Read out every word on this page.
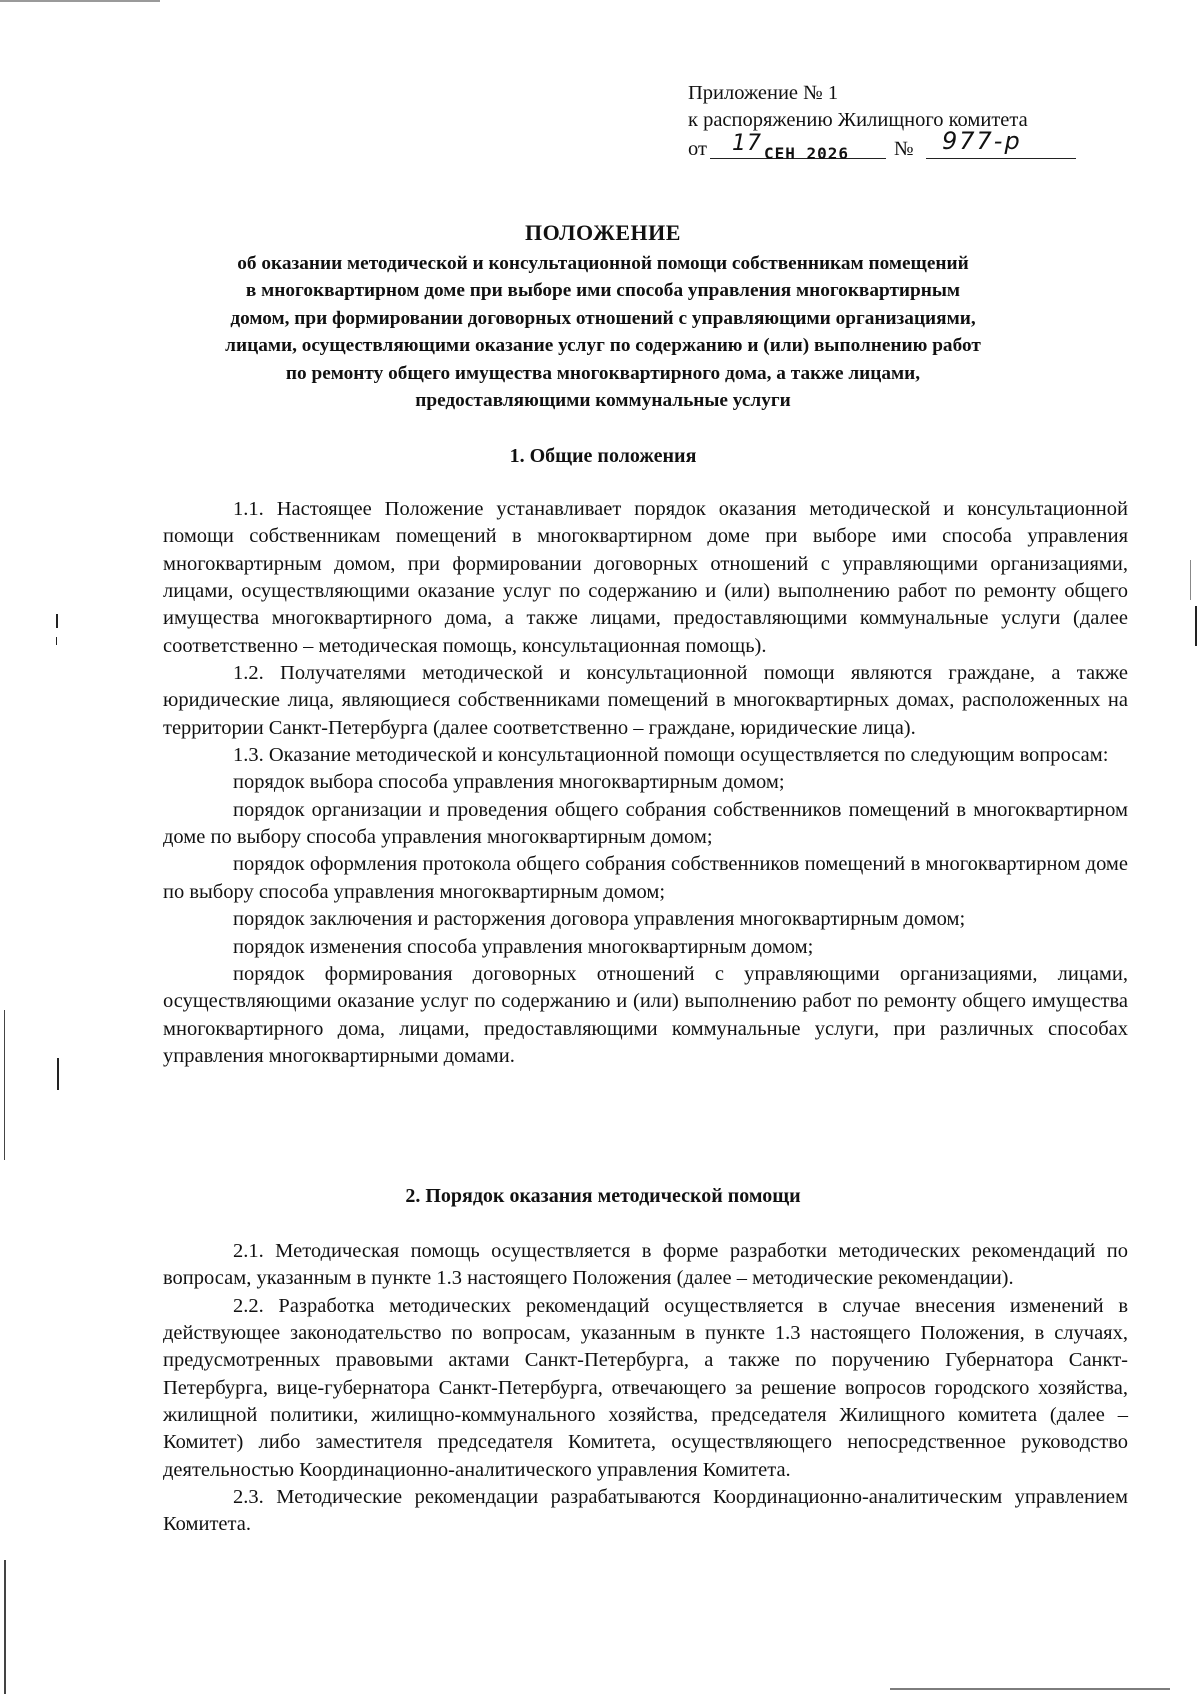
Приложение № 1
к распоряжению Жилищного комитета
от 17 СЕН 2026 № 977-р
ПОЛОЖЕНИЕ
об оказании методической и консультационной помощи собственникам помещений
в многоквартирном доме при выборе ими способа управления многоквартирным
домом, при формировании договорных отношений с управляющими организациями,
лицами, осуществляющими оказание услуг по содержанию и (или) выполнению работ
по ремонту общего имущества многоквартирного дома, а также лицами,
предоставляющими коммунальные услуги
1. Общие положения

1.1. Настоящее Положение устанавливает порядок оказания методической и консультационной помощи собственникам помещений в многоквартирном доме при выборе ими способа управления многоквартирным домом, при формировании договорных отношений с управляющими организациями, лицами, осуществляющими оказание услуг по содержанию и (или) выполнению работ по ремонту общего имущества многоквартирного дома, а также лицами, предоставляющими коммунальные услуги (далее соответственно – методическая помощь, консультационная помощь).

1.2. Получателями методической и консультационной помощи являются граждане, а также юридические лица, являющиеся собственниками помещений в многоквартирных домах, расположенных на территории Санкт-Петербурга (далее соответственно – граждане, юридические лица).

1.3. Оказание методической и консультационной помощи осуществляется по следующим вопросам:

порядок выбора способа управления многоквартирным домом;

порядок организации и проведения общего собрания собственников помещений в многоквартирном доме по выбору способа управления многоквартирным домом;

порядок оформления протокола общего собрания собственников помещений в многоквартирном доме по выбору способа управления многоквартирным домом;

порядок заключения и расторжения договора управления многоквартирным домом;

порядок изменения способа управления многоквартирным домом;

порядок формирования договорных отношений с управляющими организациями, лицами, осуществляющими оказание услуг по содержанию и (или) выполнению работ по ремонту общего имущества многоквартирного дома, лицами, предоставляющими коммунальные услуги, при различных способах управления многоквартирными домами.

2. Порядок оказания методической помощи

2.1. Методическая помощь осуществляется в форме разработки методических рекомендаций по вопросам, указанным в пункте 1.3 настоящего Положения (далее – методические рекомендации).

2.2. Разработка методических рекомендаций осуществляется в случае внесения изменений в действующее законодательство по вопросам, указанным в пункте 1.3 настоящего Положения, в случаях, предусмотренных правовыми актами Санкт-Петербурга, а также по поручению Губернатора Санкт-Петербурга, вице-губернатора Санкт-Петербурга, отвечающего за решение вопросов городского хозяйства, жилищной политики, жилищно-коммунального хозяйства, председателя Жилищного комитета (далее – Комитет) либо заместителя председателя Комитета, осуществляющего непосредственное руководство деятельностью Координационно-аналитического управления Комитета.

2.3. Методические рекомендации разрабатываются Координационно-аналитическим управлением Комитета.
